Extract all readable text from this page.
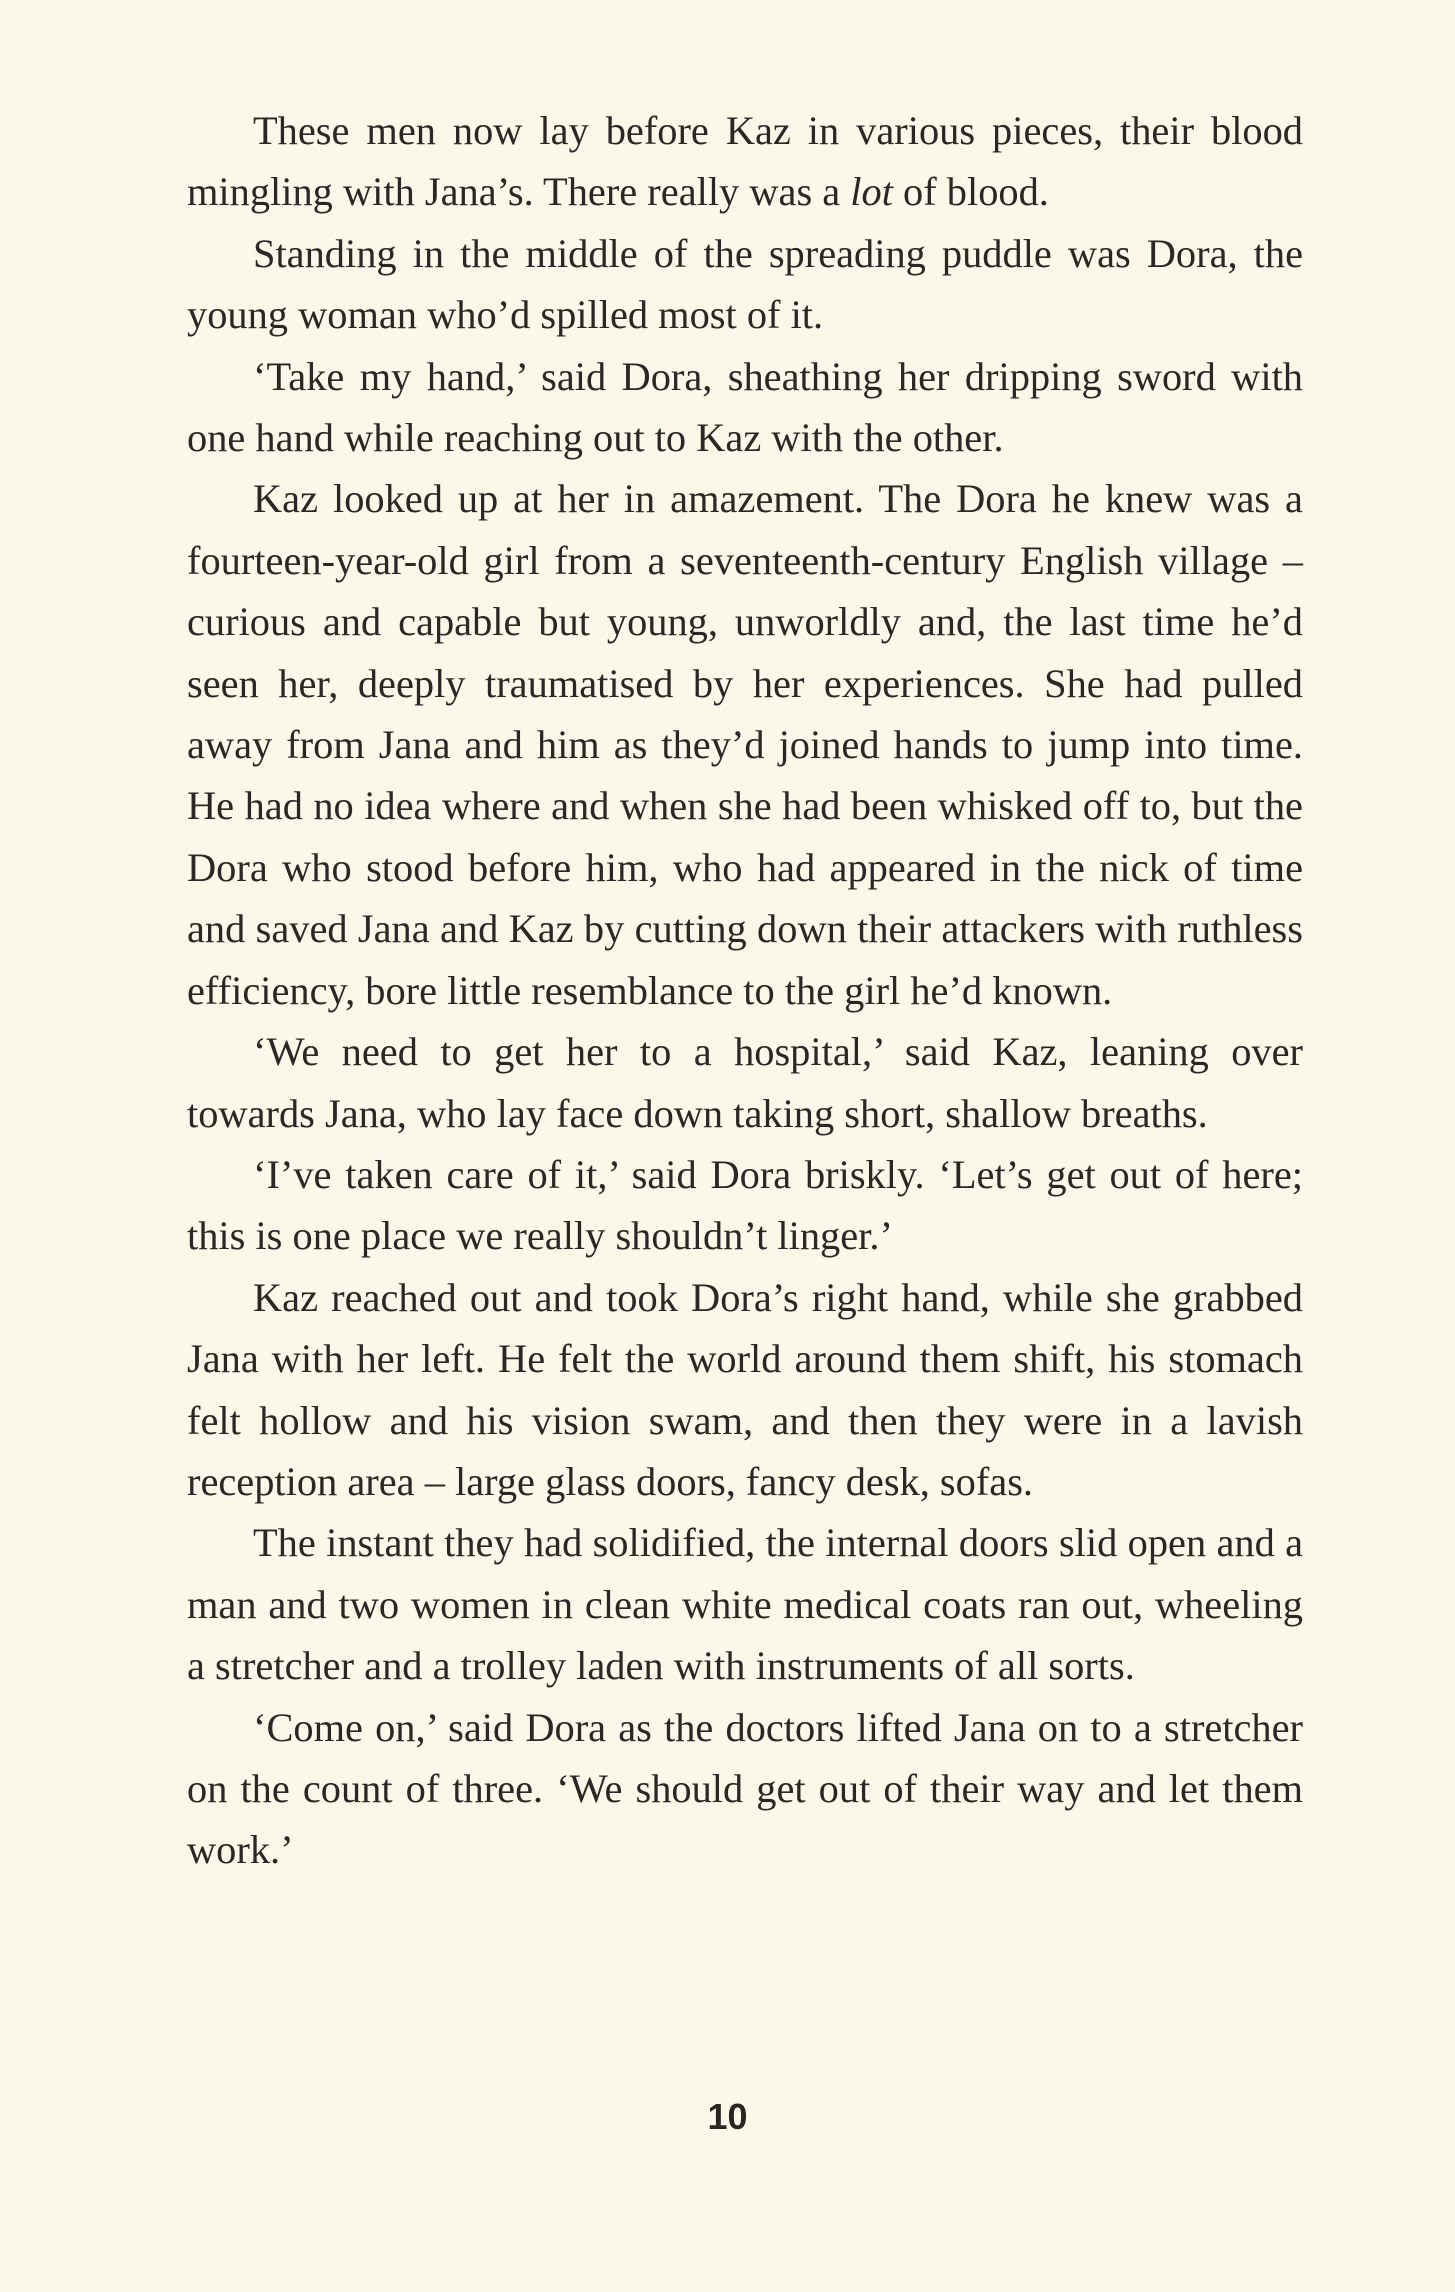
These men now lay before Kaz in various pieces, their blood mingling with Jana’s. There really was a lot of blood.

Standing in the middle of the spreading puddle was Dora, the young woman who’d spilled most of it.

‘Take my hand,’ said Dora, sheathing her dripping sword with one hand while reaching out to Kaz with the other.

Kaz looked up at her in amazement. The Dora he knew was a fourteen-year-old girl from a seventeenth-century English village – curious and capable but young, unworldly and, the last time he’d seen her, deeply traumatised by her experiences. She had pulled away from Jana and him as they’d joined hands to jump into time. He had no idea where and when she had been whisked off to, but the Dora who stood before him, who had appeared in the nick of time and saved Jana and Kaz by cutting down their attackers with ruthless efficiency, bore little resemblance to the girl he’d known.

‘We need to get her to a hospital,’ said Kaz, leaning over towards Jana, who lay face down taking short, shallow breaths.

‘I’ve taken care of it,’ said Dora briskly. ‘Let’s get out of here; this is one place we really shouldn’t linger.’

Kaz reached out and took Dora’s right hand, while she grabbed Jana with her left. He felt the world around them shift, his stomach felt hollow and his vision swam, and then they were in a lavish reception area – large glass doors, fancy desk, sofas.

The instant they had solidified, the internal doors slid open and a man and two women in clean white medical coats ran out, wheeling a stretcher and a trolley laden with instruments of all sorts.

‘Come on,’ said Dora as the doctors lifted Jana on to a stretcher on the count of three. ‘We should get out of their way and let them work.’

10
